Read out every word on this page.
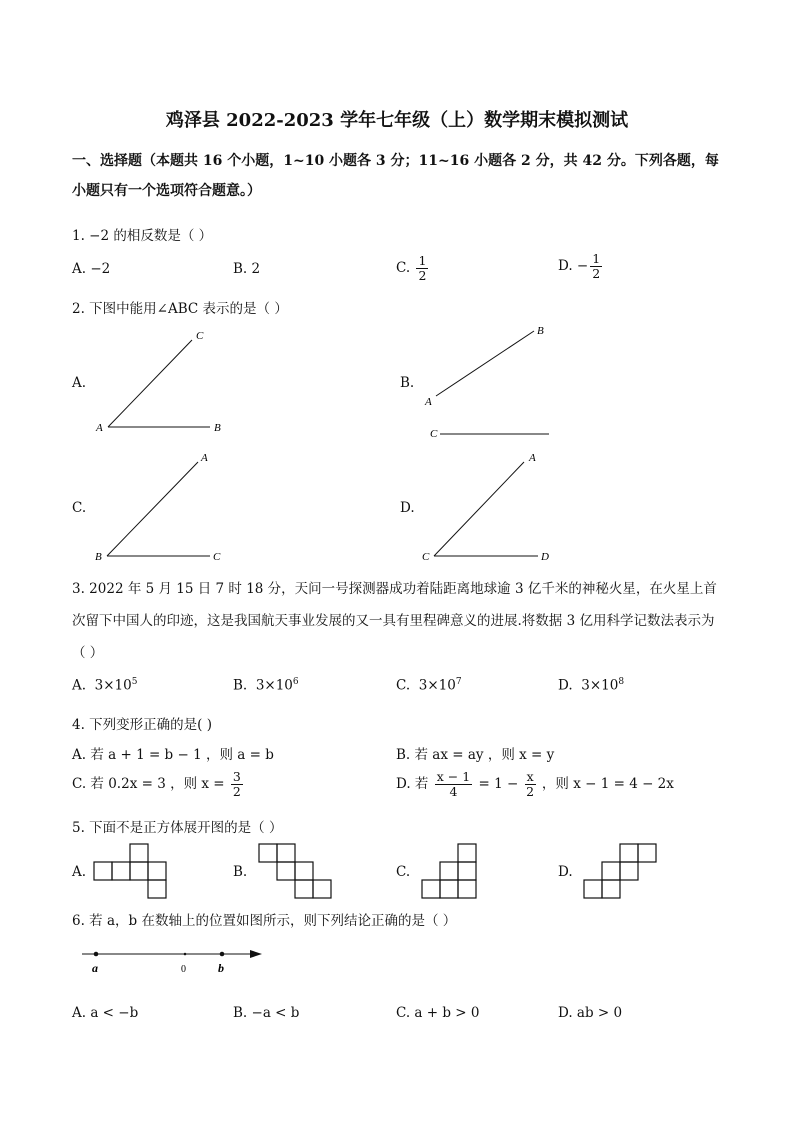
鸡泽县 2022-2023 学年七年级（上）数学期末模拟测试
一、选择题（本题共 16 个小题，1~10 小题各 3 分；11~16 小题各 2 分，共 42 分。下列各题，每小题只有一个选项符合题意。）
1. −2 的相反数是（ ）
A. −2	B. 2	C. $\frac{1}{2}$	D. − $\frac{1}{2}$
2. 下图中能用∠ABC 表示的是（ ）
A.	B.
C.	D.
C
A	B
B
A
C
A
B	C
A
C	D
3. 2022 年 5 月 15 日 7 时 18 分，天问一号探测器成功着陆距离地球逾 3 亿千米的神秘火星，在火星上首次留下中国人的印迹，这是我国航天事业发展的又一具有里程碑意义的进展.将数据 3 亿用科学记数法表示为（ ）
A. $3\times 10^5$	B. $3\times 10^6$	C. $3\times 10^7$	D. $3\times 10^8$
4. 下列变形正确的是( )
A. 若 a + 1 = b − 1 ，则 a = b	B. 若 ax = ay ，则 x = y
C. 若 0.2x = 3 ，则 $x = \frac{3}{2}$	D. 若 $\frac{x - 1}{4} = 1 - \frac{x}{2}$ ，则 x − 1 = 4 − 2x
5. 下面不是正方体展开图的是（ ）
A.	B.	C.	D.
6. 若 a，b 在数轴上的位置如图所示，则下列结论正确的是（ ）
a	0	b
A. a < −b	B. −a < b	C. a + b > 0	D. ab > 0
